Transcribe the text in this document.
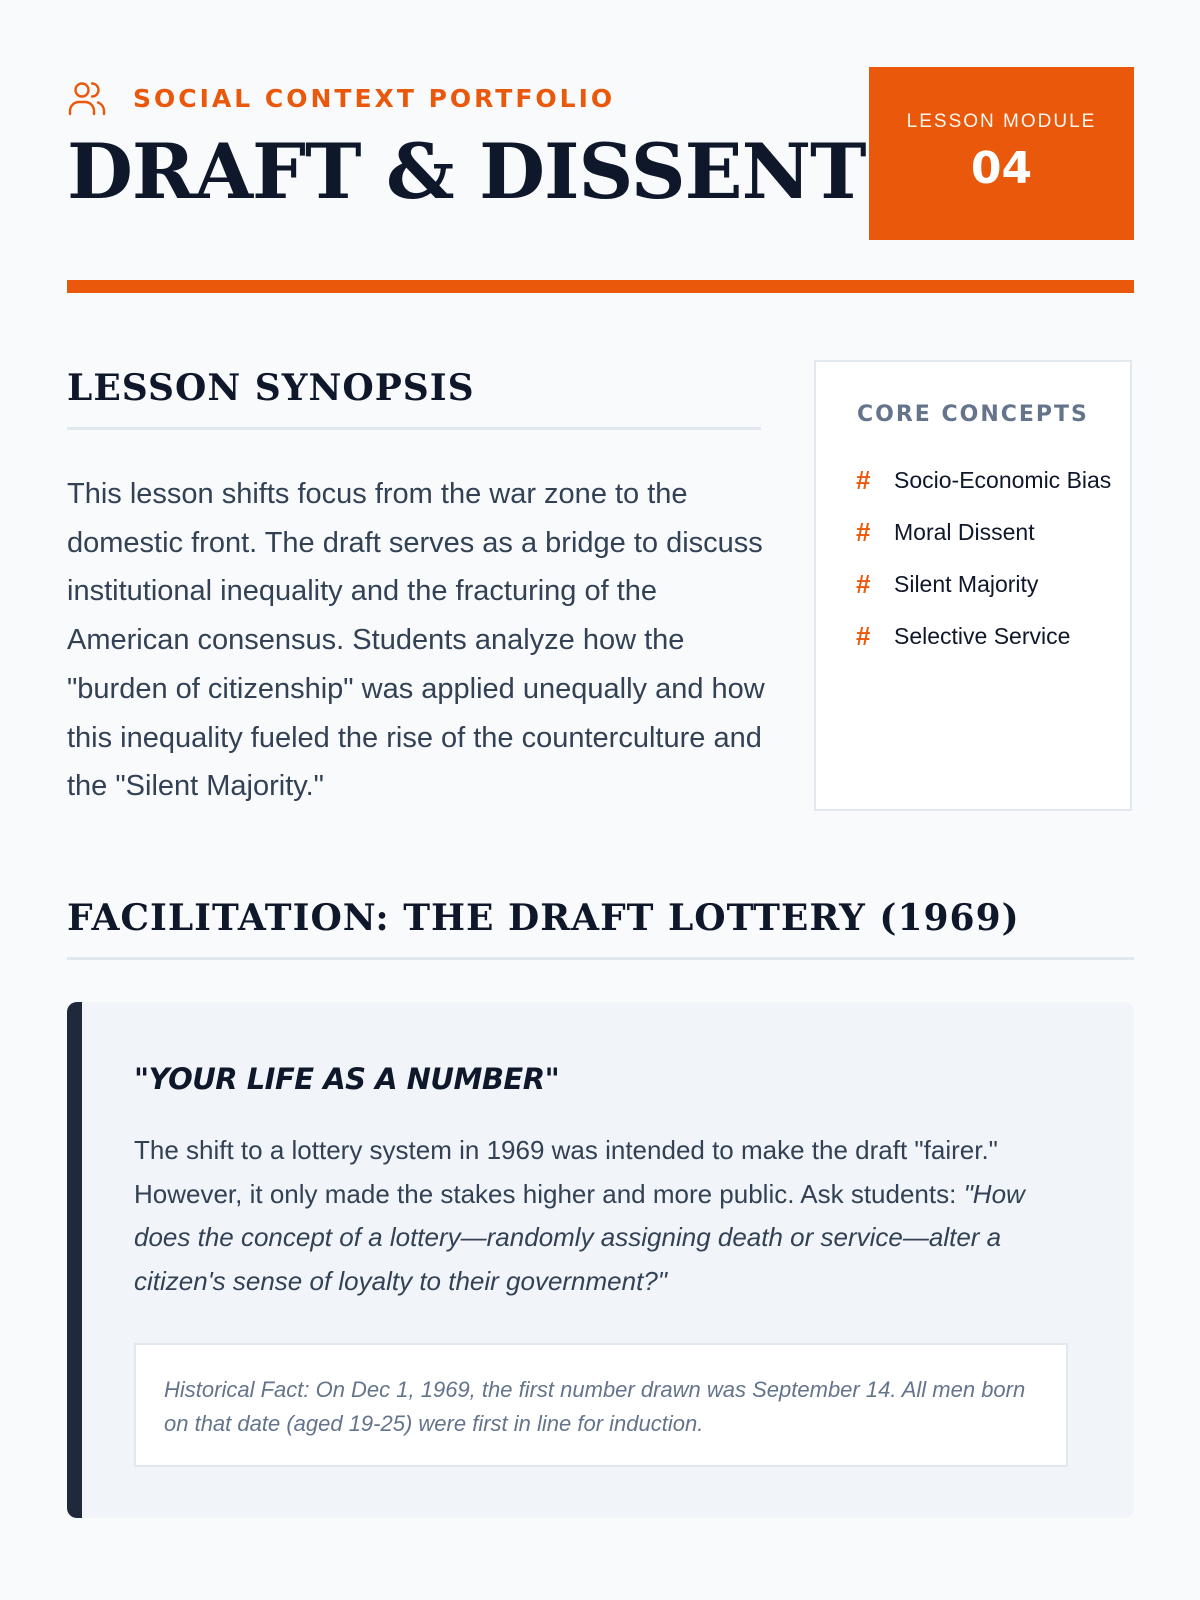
SOCIAL CONTEXT PORTFOLIO
DRAFT & DISSENT
LESSON MODULE
04
LESSON SYNOPSIS

This lesson shifts focus from the war zone to the domestic front. The draft serves as a bridge to discuss institutional inequality and the fracturing of the American consensus. Students analyze how the "burden of citizenship" was applied unequally and how this inequality fueled the rise of the counterculture and the "Silent Majority."

CORE CONCEPTS
#	Socio-Economic Bias
#	Moral Dissent
#	Silent Majority
#	Selective Service
FACILITATION: THE DRAFT LOTTERY (1969)
"YOUR LIFE AS A NUMBER"

The shift to a lottery system in 1969 was intended to make the draft "fairer." However, it only made the stakes higher and more public. Ask students: "How does the concept of a lottery—randomly assigning death or service—alter a citizen's sense of loyalty to their government?"

Historical Fact: On Dec 1, 1969, the first number drawn was September 14. All men born on that date (aged 19-25) were first in line for induction.
